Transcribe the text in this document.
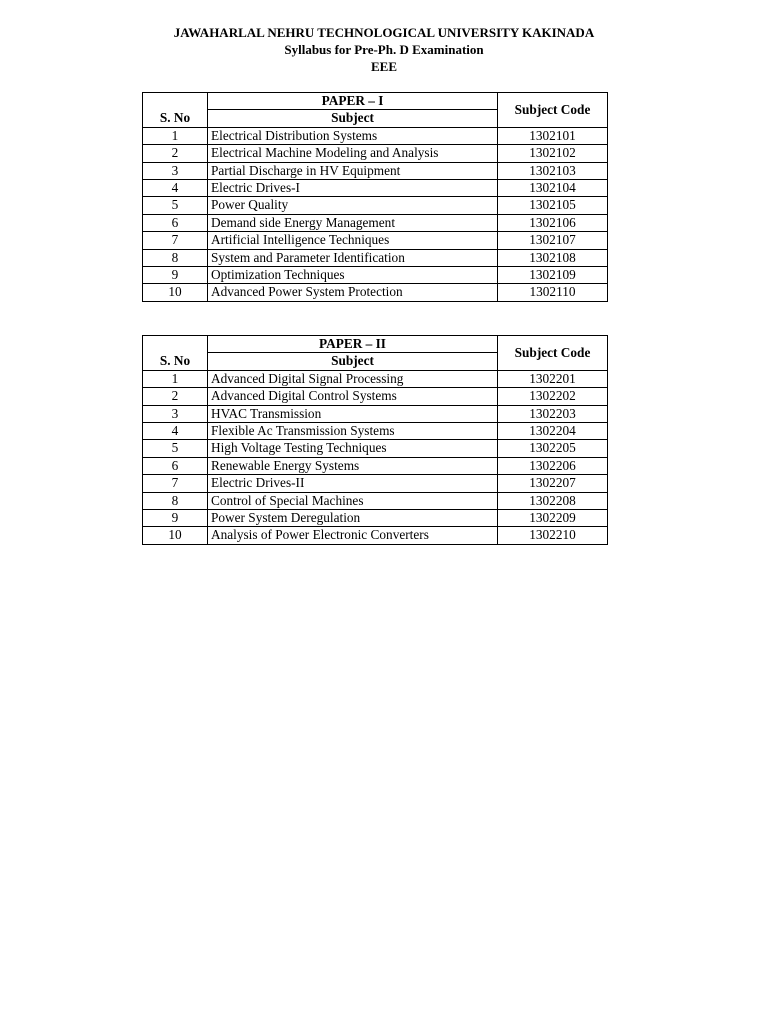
JAWAHARLAL NEHRU TECHNOLOGICAL UNIVERSITY KAKINADA
Syllabus for Pre-Ph. D Examination
EEE
	PAPER – I	Subject Code
S. No	Subject	
1	Electrical Distribution Systems	1302101
2	Electrical Machine Modeling and Analysis	1302102
3	Partial Discharge in HV Equipment	1302103
4	Electric Drives-I	1302104
5	Power Quality	1302105
6	Demand side Energy Management	1302106
7	Artificial Intelligence Techniques	1302107
8	System and Parameter Identification	1302108
9	Optimization Techniques	1302109
10	Advanced Power System Protection	1302110
	PAPER – II	Subject Code
S. No	Subject	
1	Advanced Digital Signal Processing	1302201
2	Advanced Digital Control Systems	1302202
3	HVAC Transmission	1302203
4	Flexible Ac Transmission Systems	1302204
5	High Voltage Testing Techniques	1302205
6	Renewable Energy Systems	1302206
7	Electric Drives-II	1302207
8	Control of Special Machines	1302208
9	Power System Deregulation	1302209
10	Analysis of Power Electronic Converters	1302210
